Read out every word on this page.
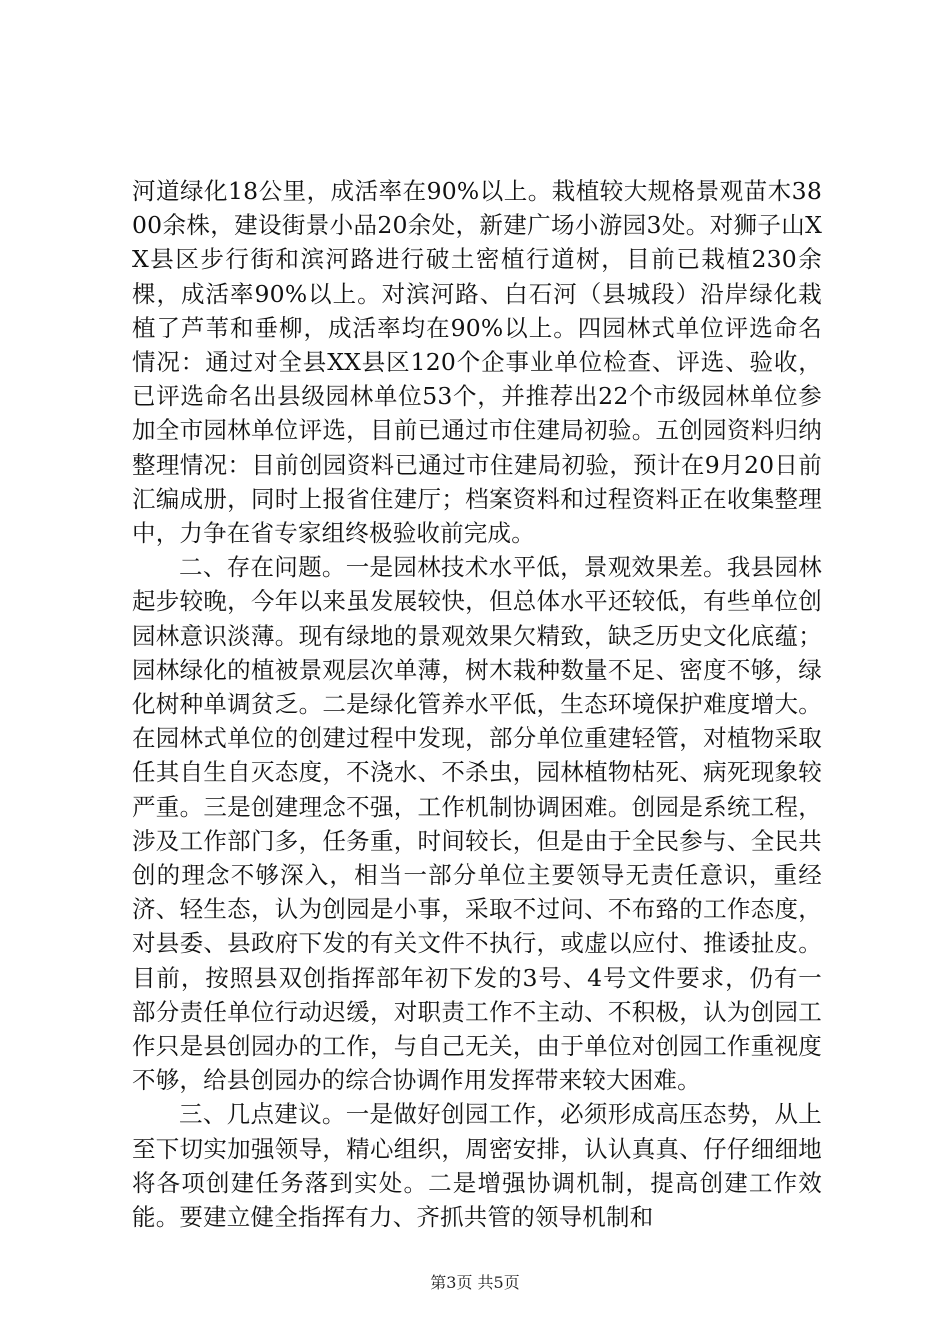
河道绿化18公里，成活率在90%以上。栽植较大规格景观苗木3800余株，建设街景小品20余处，新建广场小游园3处。对狮子山XX县区步行街和滨河路进行破土密植行道树，目前已栽植230余棵，成活率90%以上。对滨河路、白石河（县城段）沿岸绿化栽植了芦苇和垂柳，成活率均在90%以上。四园林式单位评选命名情况：通过对全县XX县区120个企事业单位检查、评选、验收，已评选命名出县级园林单位53个，并推荐出22个市级园林单位参加全市园林单位评选，目前已通过市住建局初验。五创园资料归纳整理情况：目前创园资料已通过市住建局初验，预计在9月20日前汇编成册，同时上报省住建厅；档案资料和过程资料正在收集整理中，力争在省专家组终极验收前完成。

二、存在问题。一是园林技术水平低，景观效果差。我县园林起步较晚，今年以来虽发展较快，但总体水平还较低，有些单位创园林意识淡薄。现有绿地的景观效果欠精致，缺乏历史文化底蕴；园林绿化的植被景观层次单薄，树木栽种数量不足、密度不够，绿化树种单调贫乏。二是绿化管养水平低，生态环境保护难度增大。在园林式单位的创建过程中发现，部分单位重建轻管，对植物采取任其自生自灭态度，不浇水、不杀虫，园林植物枯死、病死现象较严重。三是创建理念不强，工作机制协调困难。创园是系统工程，涉及工作部门多，任务重，时间较长，但是由于全民参与、全民共创的理念不够深入，相当一部分单位主要领导无责任意识，重经济、轻生态，认为创园是小事，采取不过问、不布臵的工作态度，对县委、县政府下发的有关文件不执行，或虚以应付、推诿扯皮。目前，按照县双创指挥部年初下发的3号、4号文件要求，仍有一部分责任单位行动迟缓，对职责工作不主动、不积极，认为创园工作只是县创园办的工作，与自己无关，由于单位对创园工作重视度不够，给县创园办的综合协调作用发挥带来较大困难。

三、几点建议。一是做好创园工作，必须形成高压态势，从上至下切实加强领导，精心组织，周密安排，认认真真、仔仔细细地将各项创建任务落到实处。二是增强协调机制，提高创建工作效能。要建立健全指挥有力、齐抓共管的领导机制和

第3页 共5页
